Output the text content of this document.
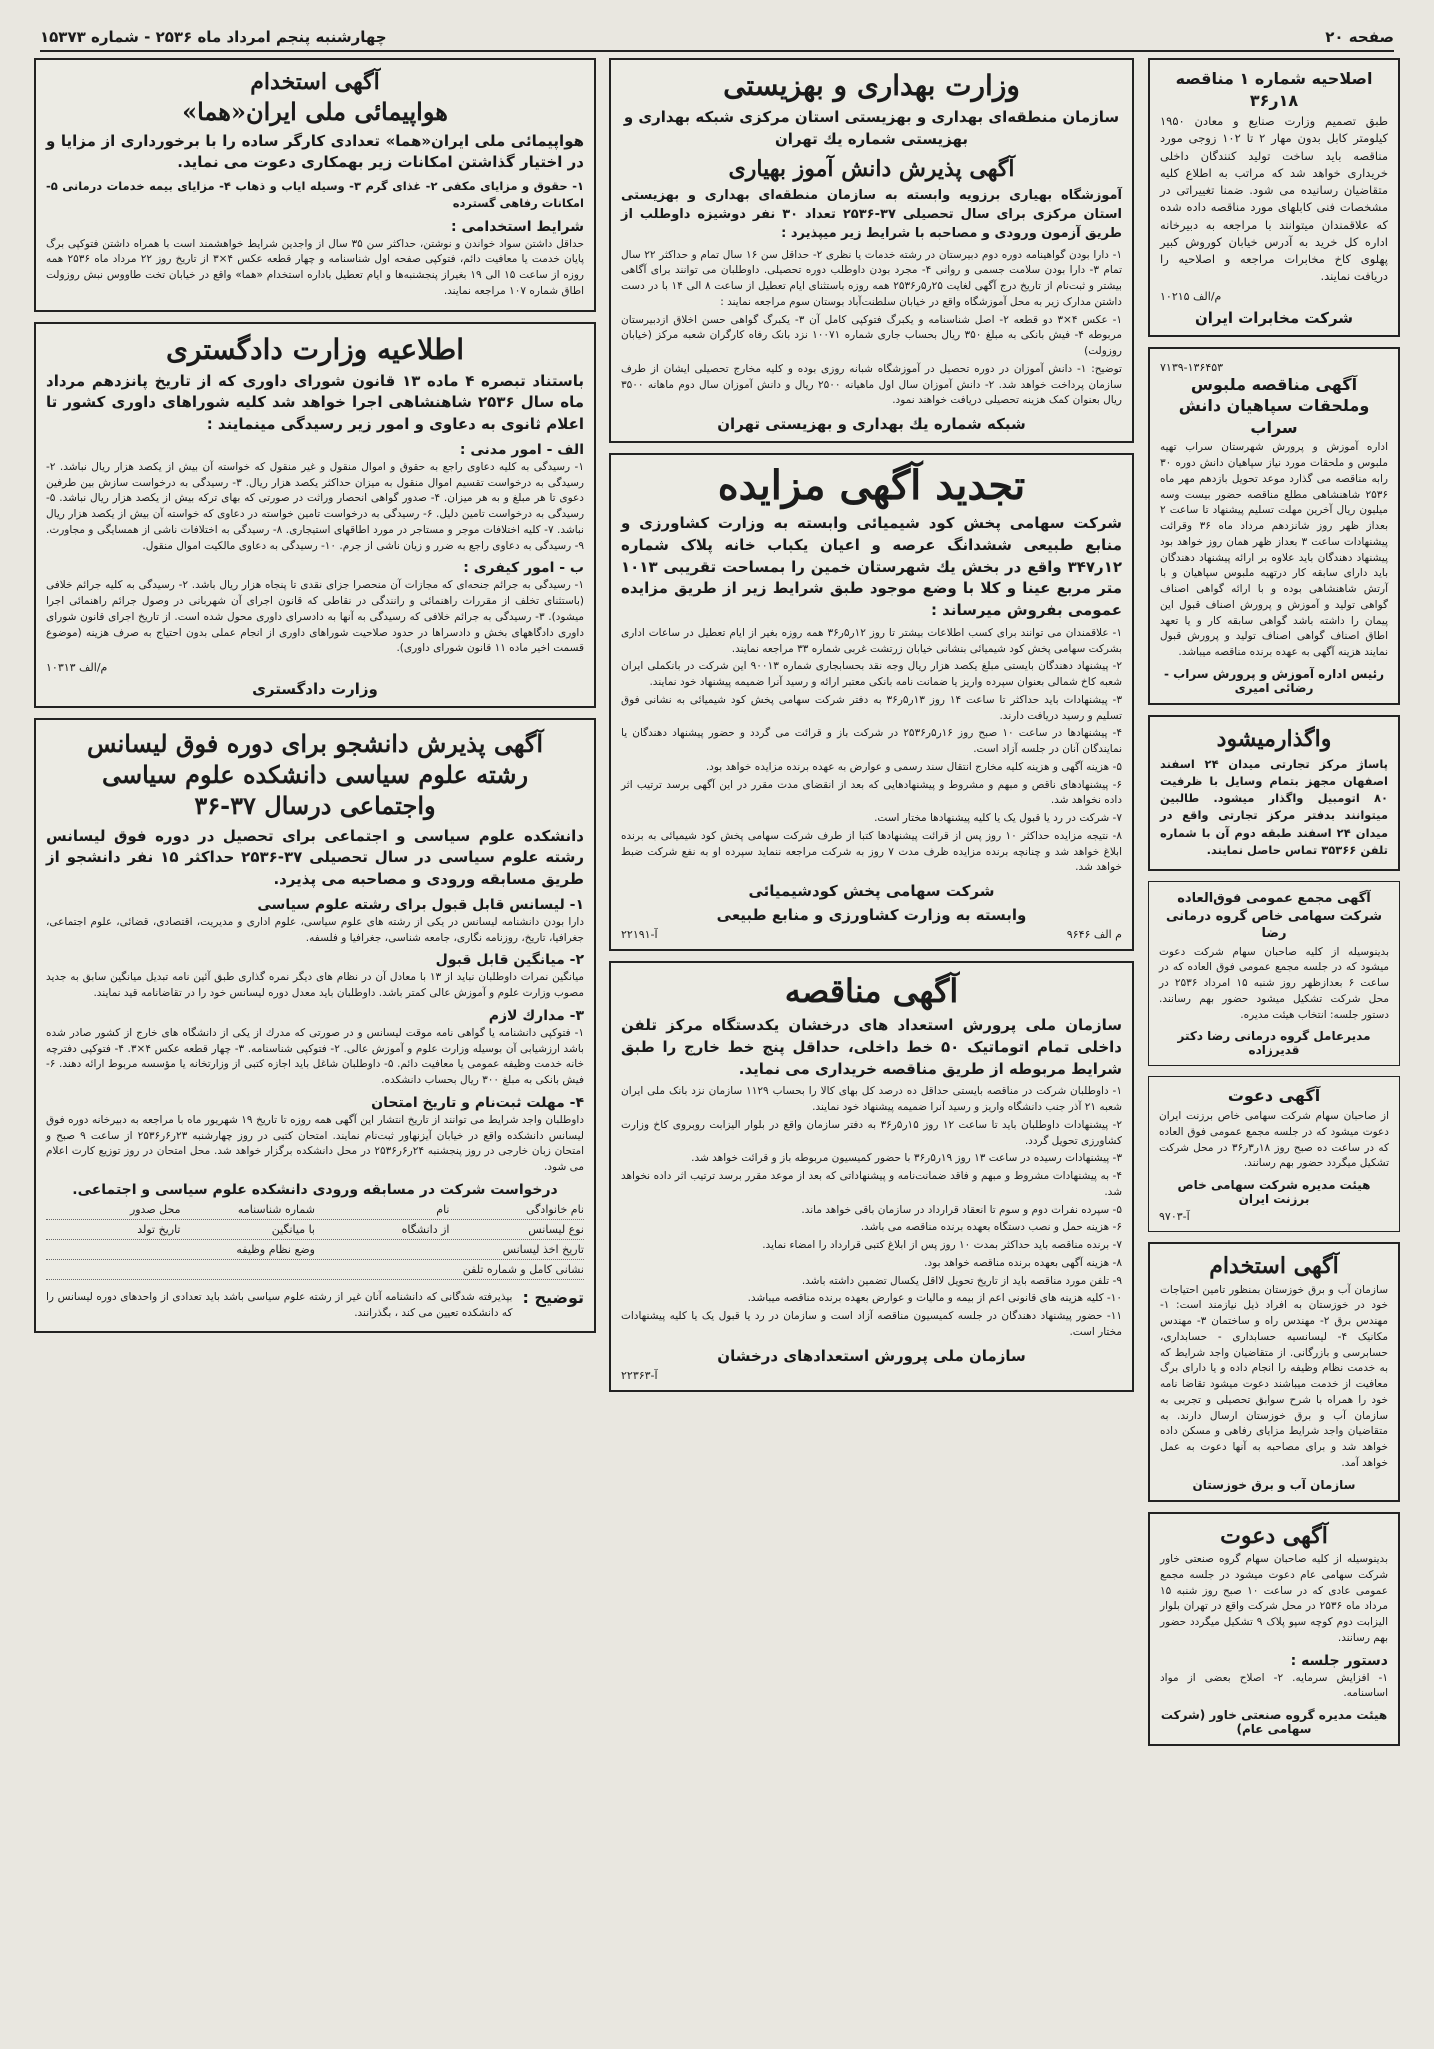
صفحه ۲۰
چهارشنبه پنجم امرداد ماه ۲۵۳۶ - شماره ۱۵۳۷۳
اصلاحیه شماره ۱ مناقصه ۱۸ر۳۶
طبق تصمیم وزارت صنایع و معادن ۱۹۵۰ کیلومتر کابل بدون مهار ۲ تا ۱۰۲ زوجی مورد مناقصه باید ساخت تولید کنندگان داخلی خریداری خواهد شد که مراتب به اطلاع کلیه متقاضیان رسانیده می شود. ضمنا تغییراتی در مشخصات فنی کابلهای مورد مناقصه داده شده که علاقمندان میتوانند با مراجعه به دبیرخانه اداره کل خرید به آدرس خیابان کوروش کبیر پهلوی کاخ مخابرات مراجعه و اصلاحیه را دریافت نمایند.
م/الف ۱۰۲۱۵
شرکت مخابرات ایران
۷۱۳۹-۱۳۶۴۵۳
آگهی مناقصه ملبوس وملحقات سپاهیان دانش سراب
اداره آموزش و پرورش شهرستان سراب تهیه ملبوس و ملحقات مورد نیاز سپاهیان دانش دوره ۳۰ رابه مناقصه می گذارد موعد تحویل بازدهم مهر ماه ۲۵۳۶ شاهنشاهی مطلع مناقصه حضور بیست وسه میلیون ریال آخرین مهلت تسلیم پیشنهاد تا ساعت ۲ بعداز ظهر روز شانزدهم مرداد ماه ۳۶ وقرائت پیشنهادات ساعت ۳ بعداز ظهر همان روز خواهد بود پیشنهاد دهندگان باید علاوه بر ارائه پیشنهاد دهندگان باید دارای سابقه کار درتهیه ملبوس سپاهیان و با آرتش شاهنشاهی بوده و با ارائه گواهی اصناف گواهی تولید و آموزش و پرورش اصناف قبول این پیمان را داشته باشد گواهی سابقه کار و یا تعهد اطاق اصناف گواهی اصناف تولید و پرورش قبول نمایند هزینه آگهی به عهده برنده مناقصه میباشد.
رئیس اداره آموزش و پرورش سراب - رضائی امیری
واگذارمیشود
پاساژ مرکز تجارتی میدان ۲۴ اسفند اصفهان مجهز بتمام وسایل با ظرفیت ۸۰ اتومبیل واگذار میشود. طالبین میتوانند بدفتر مرکز تجارتی واقع در میدان ۲۴ اسفند طبقه دوم آن با شماره تلفن ۳۵۳۶۶ تماس حاصل نمایند.
آگهی مجمع عمومی فوق‌العاده شرکت سهامی خاص گروه درمانی رضا
بدینوسیله از کلیه صاحبان سهام شرکت دعوت میشود که در جلسه مجمع عمومی فوق العاده که در ساعت ۶ بعدازظهر روز شنبه ۱۵ امرداد ۲۵۳۶ در محل شرکت تشکیل میشود حضور بهم رسانند. دستور جلسه: انتخاب هیئت مدیره.
مدیرعامل گروه درمانی رضا دکتر قدیرزاده
آگهی دعوت
از صاحبان سهام شرکت سهامی خاص برزنت ایران دعوت میشود که در جلسه مجمع عمومی فوق العاده که در ساعت ده صبح روز ۱۸ر۳ر۳۶ در محل شرکت تشکیل میگردد حضور بهم رسانند.
هیئت مدیره شرکت سهامی خاص برزنت ایران
آ-۹۷۰۳
آگهی استخدام
سازمان آب و برق خوزستان بمنظور تامین احتیاجات خود در خوزستان به افراد ذیل نیازمند است: ۱- مهندس برق ۲- مهندس راه و ساختمان ۳- مهندس مکانیک ۴- لیسانسیه حسابداری - حسابداری، حسابرسی و بازرگانی. از متقاضیان واجد شرایط که به خدمت نظام وظیفه را انجام داده و یا دارای برگ معافیت از خدمت میباشند دعوت میشود تقاضا نامه خود را همراه با شرح سوابق تحصیلی و تجربی به سازمان آب و برق خوزستان ارسال دارند. به متقاضیان واجد شرایط مزایای رفاهی و مسکن داده خواهد شد و برای مصاحبه به آنها دعوت به عمل خواهد آمد.
سازمان آب و برق خوزستان
آگهی دعوت
بدینوسیله از کلیه صاحبان سهام گروه صنعتی خاور شرکت سهامی عام دعوت میشود در جلسه مجمع عمومی عادی که در ساعت ۱۰ صبح روز شنبه ۱۵ مرداد ماه ۲۵۳۶ در محل شرکت واقع در تهران بلوار الیزابت دوم کوچه سپو پلاک ۹ تشکیل میگردد حضور بهم رسانند.
دستور جلسه :
۱- افزایش سرمایه. ۲- اصلاح بعضی از مواد اساسنامه.
هیئت مدیره گروه صنعتی خاور (شرکت سهامی عام)
وزارت بهداری و بهزیستی
سازمان منطقه‌ای بهداری و بهزیستی استان مرکزی شبکه بهداری و بهزیستی شماره یك تهران
آگهی پذیرش دانش آموز بهیاری
آموزشگاه بهیاری برزویه وابسته به سازمان منطقه‌ای بهداری و بهزیستی استان مرکزی برای سال تحصیلی ۳۷-۲۵۳۶ تعداد ۳۰ نفر دوشیزه داوطلب از طریق آزمون ورودی و مصاحبه با شرایط زیر میپذیرد :
۱- دارا بودن گواهینامه دوره دوم دبیرستان در رشته خدمات یا نظری ۲- حداقل سن ۱۶ سال تمام و حداکثر ۲۲ سال تمام ۳- دارا بودن سلامت جسمی و روانی ۴- مجرد بودن داوطلب دوره تحصیلی. داوطلبان می توانند برای آگاهی بیشتر و ثبت‌نام از تاریخ درج آگهی لغایت ۲۵ر۵ر۲۵۳۶ همه روزه باستثنای ایام تعطیل از ساعت ۸ الی ۱۴ با در دست داشتن مدارک زیر به محل آموزشگاه واقع در خیابان سلطنت‌آباد بوستان سوم مراجعه نمایند :
۱- عکس ۴×۳ دو قطعه ۲- اصل شناسنامه و یکبرگ فتوکپی کامل آن ۳- یکبرگ گواهی حسن اخلاق ازدبیرستان مربوطه ۴- فیش بانکی به مبلغ ۳۵۰ ریال بحساب جاری شماره ۱۰۰۷۱ نزد بانک رفاه کارگران شعبه مرکز (خیابان روزولت)
توضیح: ۱- دانش آموزان در دوره تحصیل در آموزشگاه شبانه روزی بوده و کلیه مخارج تحصیلی ایشان از طرف سازمان پرداخت خواهد شد. ۲- دانش آموزان سال اول ماهیانه ۲۵۰۰ ریال و دانش آموزان سال دوم ماهانه ۳۵۰۰ ریال بعنوان کمک هزینه تحصیلی دریافت خواهند نمود.
شبکه شماره یك بهداری و بهزیستی تهران
تجدید آگهی مزایده
شرکت سهامی پخش کود شیمیائی وابسته به وزارت کشاورزی و منابع طبیعی ششدانگ عرصه و اعیان یکباب خانه پلاک شماره ۱۲ر۳۴۷ واقع در بخش یك شهرستان خمین را بمساحت تقریبی ۱۰۱۳ متر مربع عینا و کلا با وضع موجود طبق شرایط زیر از طریق مزایده عمومی بفروش میرساند :
۱- علاقمندان می توانند برای کسب اطلاعات بیشتر تا روز ۱۲ر۵ر۳۶ همه روزه بغیر از ایام تعطیل در ساعات اداری بشرکت سهامی پخش کود شیمیائی بنشانی خیابان زرتشت غربی شماره ۳۳ مراجعه نمایند.
۲- پیشنهاد دهندگان بایستی مبلغ یکصد هزار ریال وجه نقد بحسابجاری شماره ۹۰۰۱۳ این شرکت در بانکملی ایران شعبه کاخ شمالی بعنوان سپرده واریز یا ضمانت نامه بانکی معتبر ارائه و رسید آنرا ضمیمه پیشنهاد خود نمایند.
۳- پیشنهادات باید حداکثر تا ساعت ۱۴ روز ۱۳ر۵ر۳۶ به دفتر شرکت سهامی پخش کود شیمیائی به نشانی فوق تسلیم و رسید دریافت دارند.
۴- پیشنهادها در ساعت ۱۰ صبح روز ۱۶ر۵ر۲۵۳۶ در شرکت باز و قرائت می گردد و حضور پیشنهاد دهندگان یا نمایندگان آنان در جلسه آزاد است.
۵- هزینه آگهی و هزینه کلیه مخارج انتقال سند رسمی و عوارض به عهده برنده مزایده خواهد بود.
۶- پیشنهادهای ناقص و مبهم و مشروط و پیشنهادهایی که بعد از انقضای مدت مقرر در این آگهی برسد ترتیب اثر داده نخواهد شد.
۷- شرکت در رد یا قبول یک یا کلیه پیشنهادها مختار است.
۸- نتیجه مزایده حداکثر ۱۰ روز پس از قرائت پیشنهادها کتبا از طرف شرکت سهامی پخش کود شیمیائی به برنده ابلاغ خواهد شد و چنانچه برنده مزایده ظرف مدت ۷ روز به شرکت مراجعه ننماید سپرده او به نفع شرکت ضبط خواهد شد.
شرکت سهامی پخش کودشیمیائی
وابسته به وزارت کشاورزی و منابع طبیعی
م الف ۹۶۴۶
آ-۲۲۱۹۱
آگهی مناقصه
سازمان ملی پرورش استعداد های درخشان یکدستگاه مرکز تلفن داخلی تمام اتوماتیک ۵۰ خط داخلی، حداقل پنج خط خارج را طبق شرایط مربوطه از طریق مناقصه خریداری می نماید.
۱- داوطلبان شرکت در مناقصه بایستی حداقل ده درصد کل بهای کالا را بحساب ۱۱۲۹ سازمان نزد بانک ملی ایران شعبه ۲۱ آذر جنب دانشگاه واریز و رسید آنرا ضمیمه پیشنهاد خود نمایند.
۲- پیشنهادات داوطلبان باید تا ساعت ۱۲ روز ۱۵ر۵ر۳۶ به دفتر سازمان واقع در بلوار الیزابت روبروی کاخ وزارت کشاورزی تحویل گردد.
۳- پیشنهادات رسیده در ساعت ۱۳ روز ۱۹ر۵ر۳۶ با حضور کمیسیون مربوطه باز و قرائت خواهد شد.
۴- به پیشنهادات مشروط و مبهم و فاقد ضمانت‌نامه و پیشنهاداتی که بعد از موعد مقرر برسد ترتیب اثر داده نخواهد شد.
۵- سپرده نفرات دوم و سوم تا انعقاد قرارداد در سازمان باقی خواهد ماند.
۶- هزینه حمل و نصب دستگاه بعهده برنده مناقصه می باشد.
۷- برنده مناقصه باید حداکثر بمدت ۱۰ روز پس از ابلاغ کتبی قرارداد را امضاء نماید.
۸- هزینه آگهی بعهده برنده مناقصه خواهد بود.
۹- تلفن مورد مناقصه باید از تاریخ تحویل لااقل یکسال تضمین داشته باشد.
۱۰- کلیه هزینه های قانونی اعم از بیمه و مالیات و عوارض بعهده برنده مناقصه میباشد.
۱۱- حضور پیشنهاد دهندگان در جلسه کمیسیون مناقصه آزاد است و سازمان در رد یا قبول یک یا کلیه پیشنهادات مختار است.
سازمان ملی پرورش استعدادهای درخشان
آ-۲۲۳۶۳
آگهی استخدام
هواپیمائی ملی ایران«هما»
هواپیمائی ملی ایران«هما» تعدادی کارگر ساده را با برخورداری از مزایا و در اختیار گذاشتن امکانات زیر بهمکاری دعوت می نماید.
۱- حقوق و مزایای مکفی ۲- غذای گرم ۳- وسیله ایاب و ذهاب ۴- مزایای بیمه خدمات درمانی ۵- امکانات رفاهی گسترده
شرایط استخدامی :
حداقل داشتن سواد خواندن و نوشتن، حداکثر سن ۳۵ سال از واجدین شرایط خواهشمند است با همراه داشتن فتوکپی برگ پایان خدمت یا معافیت دائم، فتوکپی صفحه اول شناسنامه و چهار قطعه عکس ۴×۳ از تاریخ روز ۲۲ مرداد ماه ۲۵۳۶ همه روزه از ساعت ۱۵ الی ۱۹ بغیراز پنجشنبه‌ها و ایام تعطیل باداره استخدام «هما» واقع در خیابان تخت طاووس نبش روزولت اطاق شماره ۱۰۷ مراجعه نمایند.
اطلاعیه وزارت دادگستری
باستناد تبصره ۴ ماده ۱۳ قانون شورای داوری که از تاریخ پانزدهم مرداد ماه سال ۲۵۳۶ شاهنشاهی اجرا خواهد شد کلیه شوراهای داوری کشور تا اعلام ثانوی به دعاوی و امور زیر رسیدگی مینمایند :
الف - امور مدنی :
۱- رسیدگی به کلیه دعاوی راجع به حقوق و اموال منقول و غیر منقول که خواسته آن بیش از یکصد هزار ریال نباشد. ۲- رسیدگی به درخواست تقسیم اموال منقول به میزان حداکثر یکصد هزار ریال. ۳- رسیدگی به درخواست سازش بین طرفین دعوی تا هر مبلغ و به هر میزان. ۴- صدور گواهی انحصار وراثت در صورتی که بهای ترکه بیش از یکصد هزار ریال نباشد. ۵- رسیدگی به درخواست تامین دلیل. ۶- رسیدگی به درخواست تامین خواسته در دعاوی که خواسته آن بیش از یکصد هزار ریال نباشد. ۷- کلیه اختلافات موجر و مستاجر در مورد اطاقهای استیجاری. ۸- رسیدگی به اختلافات ناشی از همسایگی و مجاورت. ۹- رسیدگی به دعاوی راجع به ضرر و زیان ناشی از جرم. ۱۰- رسیدگی به دعاوی مالکیت اموال منقول.
ب - امور کیفری :
۱- رسیدگی به جرائم جنحه‌ای که مجازات آن منحصرا جزای نقدی تا پنجاه هزار ریال باشد. ۲- رسیدگی به کلیه جرائم خلافی (باستثنای تخلف از مقررات راهنمائی و رانندگی در نقاطی که قانون اجرای آن شهربانی در وصول جرائم راهنمائی اجرا میشود). ۳- رسیدگی به جرائم خلافی که رسیدگی به آنها به دادسرای داوری محول شده است. از تاریخ اجرای قانون شورای داوری دادگاههای بخش و دادسراها در حدود صلاحیت شوراهای داوری از انجام عملی بدون احتیاج به صرف هزینه (موضوع قسمت اخیر ماده ۱۱ قانون شورای داوری).
م/الف ۱۰۳۱۳
وزارت دادگستری
آگهی پذیرش دانشجو برای دوره فوق لیسانس
رشته علوم سیاسی دانشکده علوم سیاسی
واجتماعی درسال ۳۷-۳۶
دانشکده علوم سیاسی و اجتماعی برای تحصیل در دوره فوق لیسانس رشته علوم سیاسی در سال تحصیلی ۳۷-۲۵۳۶ حداکثر ۱۵ نفر دانشجو از طریق مسابقه ورودی و مصاحبه می پذیرد.
۱- لیسانس قابل قبول برای رشته علوم سیاسی
دارا بودن دانشنامه لیسانس در یکی از رشته های علوم سیاسی، علوم اداری و مدیریت، اقتصادی، قضائی، علوم اجتماعی، جغرافیا، تاریخ، روزنامه نگاری، جامعه شناسی، جغرافیا و فلسفه.
۲- میانگین قابل قبول
میانگین نمرات داوطلبان نباید از ۱۳ با معادل آن در نظام های دیگر نمره گذاری طبق آئین نامه تبدیل میانگین سابق به جدید مصوب وزارت علوم و آموزش عالی کمتر باشد. داوطلبان باید معدل دوره لیسانس خود را در تقاضانامه قید نمایند.
۳- مدارك لازم
۱- فتوکپی دانشنامه یا گواهی نامه موقت لیسانس و در صورتی که مدرك از یکی از دانشگاه های خارج از کشور صادر شده باشد ارزشیابی آن بوسیله وزارت علوم و آموزش عالی. ۲- فتوکپی شناسنامه. ۳- چهار قطعه عکس ۴×۳. ۴- فتوکپی دفترچه خانه خدمت وظیفه عمومی یا معافیت دائم. ۵- داوطلبان شاغل باید اجازه کتبی از وزارتخانه یا مؤسسه مربوط ارائه دهند. ۶- فیش بانکی به مبلغ ۳۰۰ ریال بحساب دانشکده.
۴- مهلت ثبت‌نام و تاریخ امتحان
داوطلبان واجد شرایط می توانند از تاریخ انتشار این آگهی همه روزه تا تاریخ ۱۹ شهریور ماه با مراجعه به دبیرخانه دوره فوق لیسانس دانشکده واقع در خیابان آیزنهاور ثبت‌نام نمایند. امتحان کتبی در روز چهارشنبه ۲۳ر۶ر۲۵۳۶ از ساعت ۹ صبح و امتحان زبان خارجی در روز پنجشنبه ۲۴ر۶ر۲۵۳۶ در محل دانشکده برگزار خواهد شد. محل امتحان در روز توزیع کارت اعلام می شود.
درخواست شرکت در مسابقه ورودی دانشکده علوم سیاسی و اجتماعی.
نام خانوادگی
نام
شماره شناسنامه
محل صدور
نوع لیسانس
از دانشگاه
با میانگین
تاریخ تولد
تاریخ اخذ لیسانس
وضع نظام وظیفه
نشانی کامل و شماره تلفن
توضیح :
بپذیرفته شدگانی که دانشنامه آنان غیر از رشته علوم سیاسی باشد باید تعدادی از واحدهای دوره لیسانس را که دانشکده تعیین می کند ، بگذرانند.
